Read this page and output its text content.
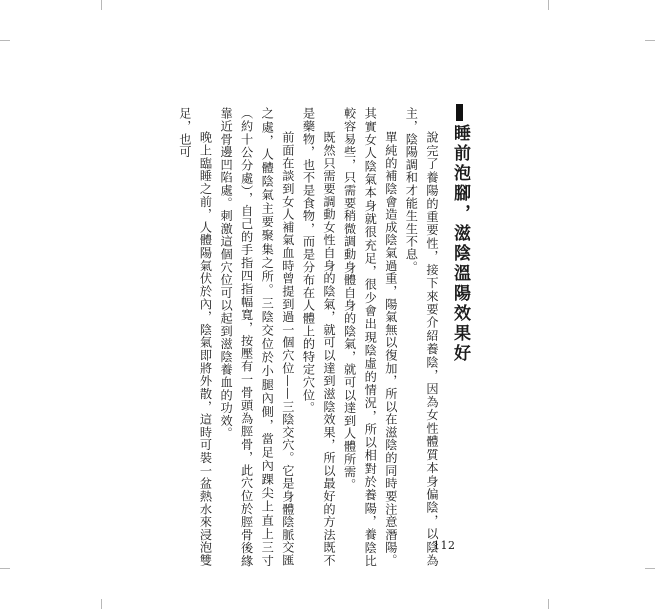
睡前泡腳，滋陰溫陽效果好

說完了養陽的重要性，接下來要介紹養陰，因為女性體質本身偏陰，以陰為主，陰陽調和才能生生不息。

單純的補陰會造成陰氣過重，陽氣無以復加，所以在滋陰的同時要注意潛陽。其實女人陰氣本身就很充足，很少會出現陰虛的情況，所以相對於養陽，養陰比較容易些，只需要稍微調動身體自身的陰氣，就可以達到人體所需。

既然只需要調動女性自身的陰氣，就可以達到滋陰效果，所以最好的方法既不是藥物，也不是食物，而是分布在人體上的特定穴位。

前面在談到女人補氣血時曾提到過一個穴位——三陰交穴。它是身體陰脈交匯之處，人體陰氣主要聚集之所。三陰交位於小腿內側，當足內踝尖上直上三寸（約十公分處），自己的手指四指幅寬，按壓有一骨頭為脛骨，此穴位於脛骨後緣靠近骨邊凹陷處。刺激這個穴位可以起到滋陰養血的功效。

晚上臨睡之前，人體陽氣伏於內，陰氣即將外散，這時可裝一盆熱水來浸泡雙足，也可

112
